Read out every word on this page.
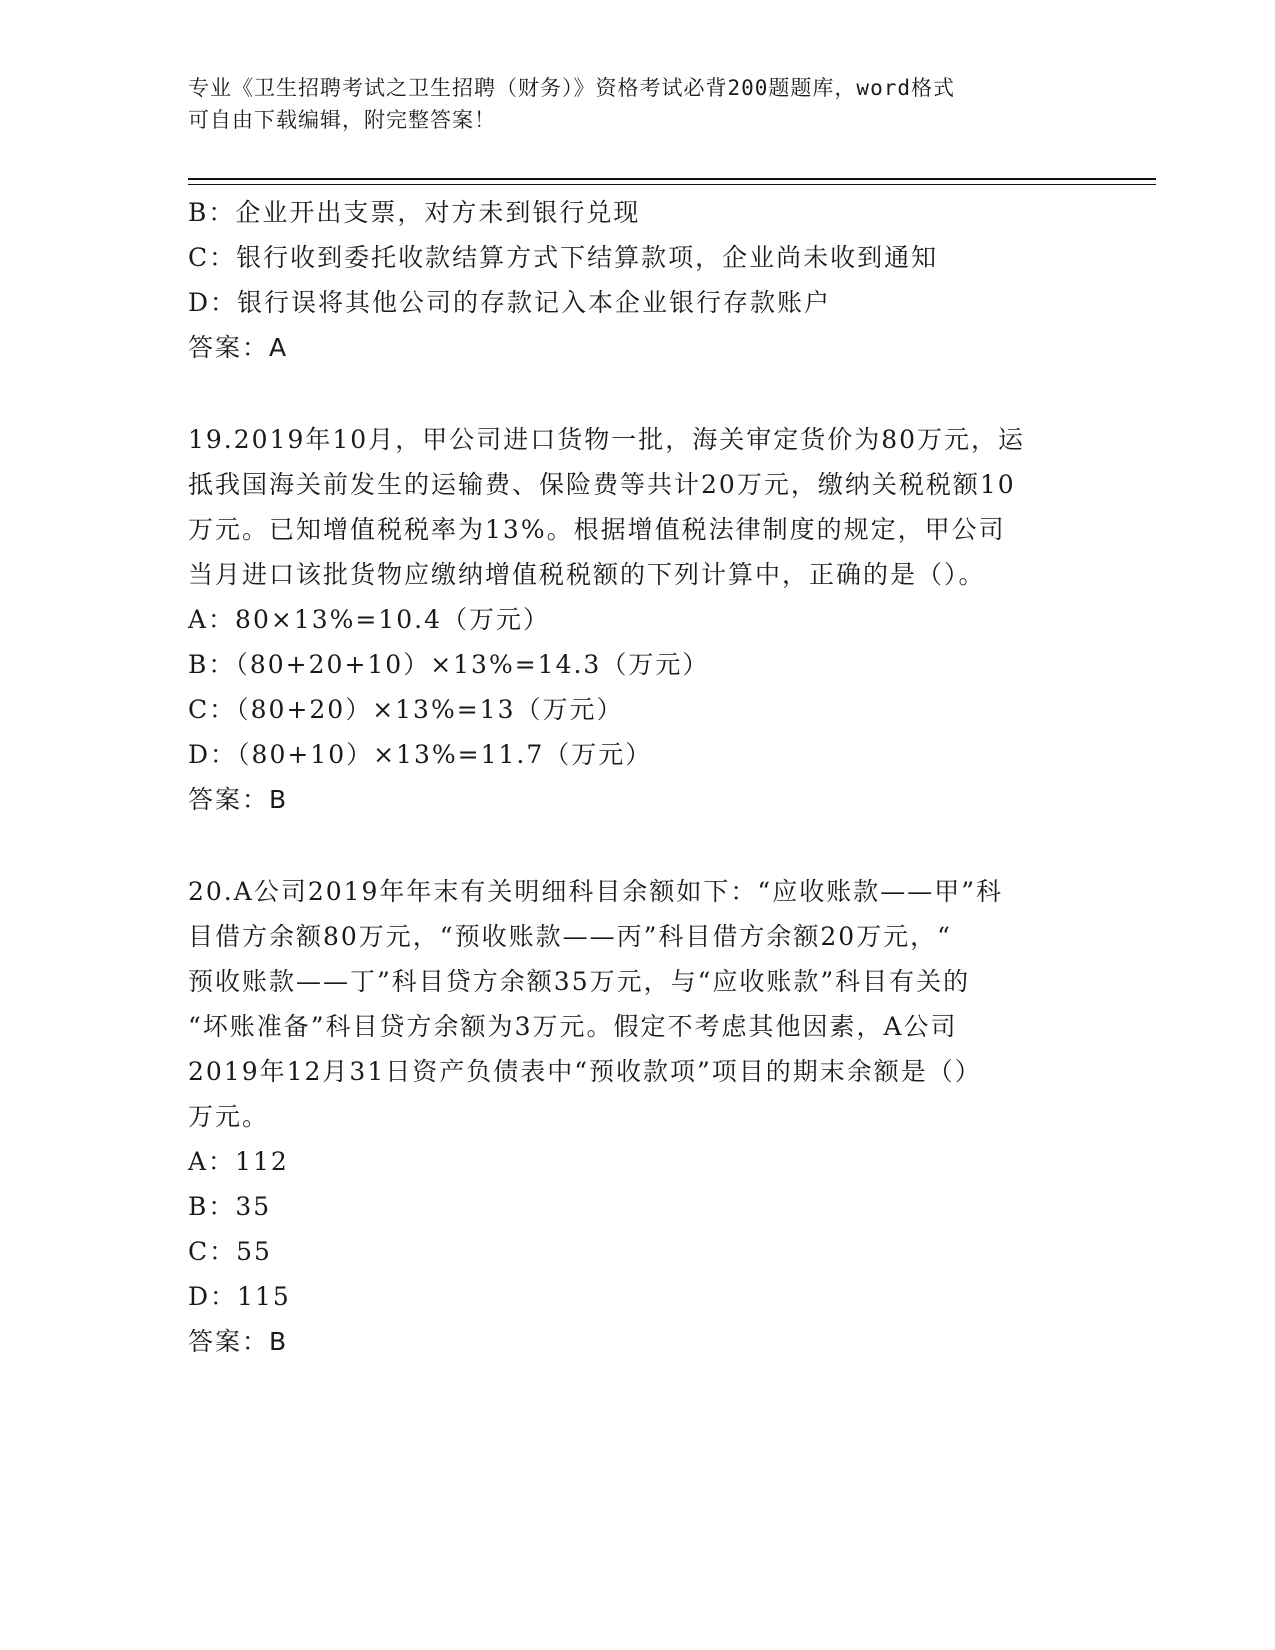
专业《卫生招聘考试之卫生招聘（财务）》资格考试必背200题题库，word格式
可自由下载编辑，附完整答案！
B：企业开出支票，对方未到银行兑现
C：银行收到委托收款结算方式下结算款项，企业尚未收到通知
D：银行误将其他公司的存款记入本企业银行存款账户
答案：A
19.2019年10月，甲公司进口货物一批，海关审定货价为80万元，运
抵我国海关前发生的运输费、保险费等共计20万元，缴纳关税税额10
万元。已知增值税税率为13%。根据增值税法律制度的规定，甲公司
当月进口该批货物应缴纳增值税税额的下列计算中，正确的是（）。
A：80×13%=10.4（万元）
B：（80+20+10）×13%=14.3（万元）
C：（80+20）×13%=13（万元）
D：（80+10）×13%=11.7（万元）
答案：B
20.A公司2019年年末有关明细科目余额如下：“应收账款——甲”科
目借方余额80万元，“预收账款——丙”科目借方余额20万元，“
预收账款——丁”科目贷方余额35万元，与“应收账款”科目有关的
“坏账准备”科目贷方余额为3万元。假定不考虑其他因素，A公司
2019年12月31日资产负债表中“预收款项”项目的期末余额是（）
万元。
A：112
B：35
C：55
D：115
答案：B
